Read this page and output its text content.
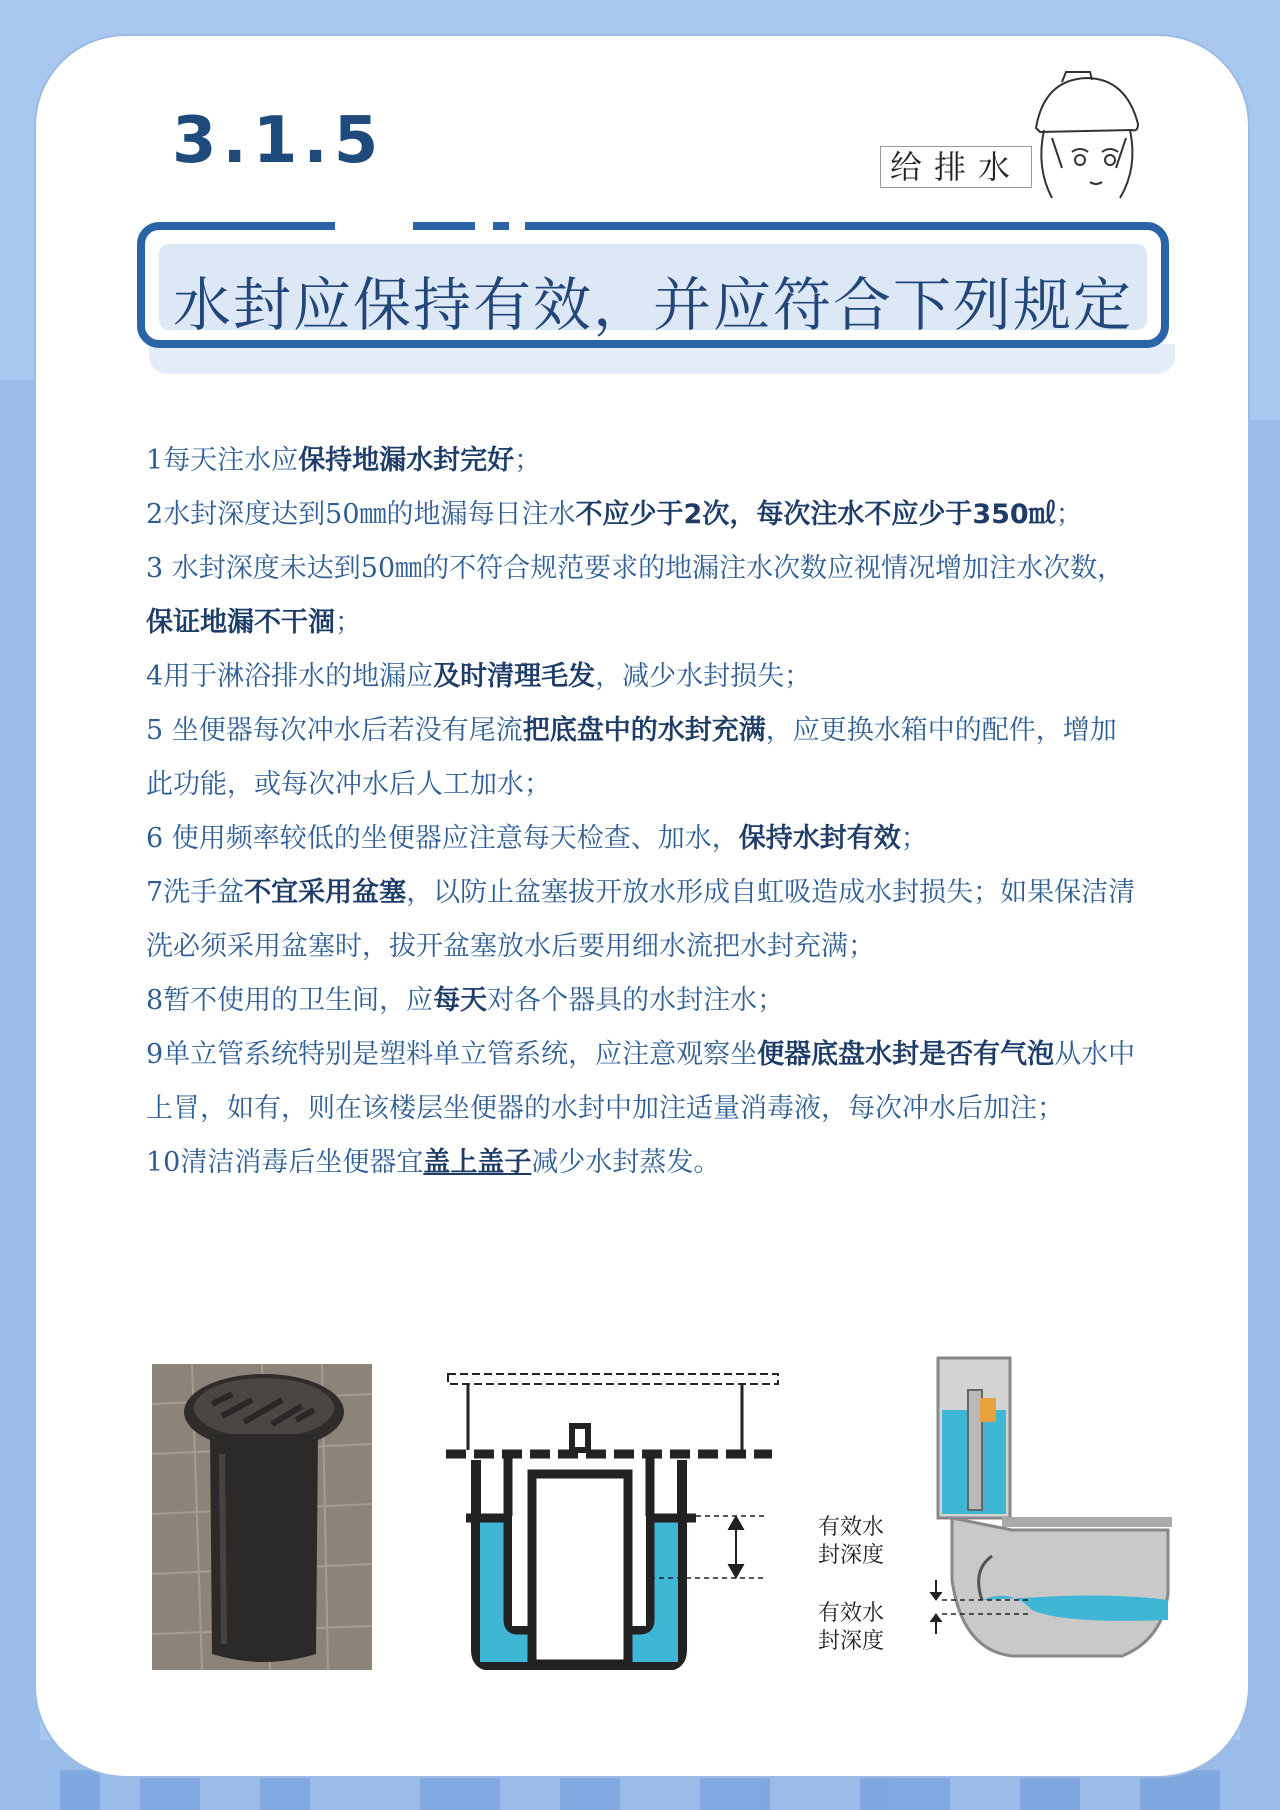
3.1.5	给排水
水封应保持有效，并应符合下列规定

1每天注水应保持地漏水封完好；

2水封深度达到50㎜的地漏每日注水不应少于2次，每次注水不应少于350㎖；

3 水封深度未达到50㎜的不符合规范要求的地漏注水次数应视情况增加注水次数，保证地漏不干涸；

4用于淋浴排水的地漏应及时清理毛发，减少水封损失；

5 坐便器每次冲水后若没有尾流把底盘中的水封充满，应更换水箱中的配件，增加此功能，或每次冲水后人工加水；

6 使用频率较低的坐便器应注意每天检查、加水，保持水封有效；

7洗手盆不宜采用盆塞，以防止盆塞拔开放水形成自虹吸造成水封损失；如果保洁清洗必须采用盆塞时，拔开盆塞放水后要用细水流把水封充满；

8暂不使用的卫生间，应每天对各个器具的水封注水；

9单立管系统特别是塑料单立管系统，应注意观察坐便器底盘水封是否有气泡从水中上冒，如有，则在该楼层坐便器的水封中加注适量消毒液，每次冲水后加注；

10清洁消毒后坐便器宜盖上盖子减少水封蒸发。

有效水封深度
有效水封深度
